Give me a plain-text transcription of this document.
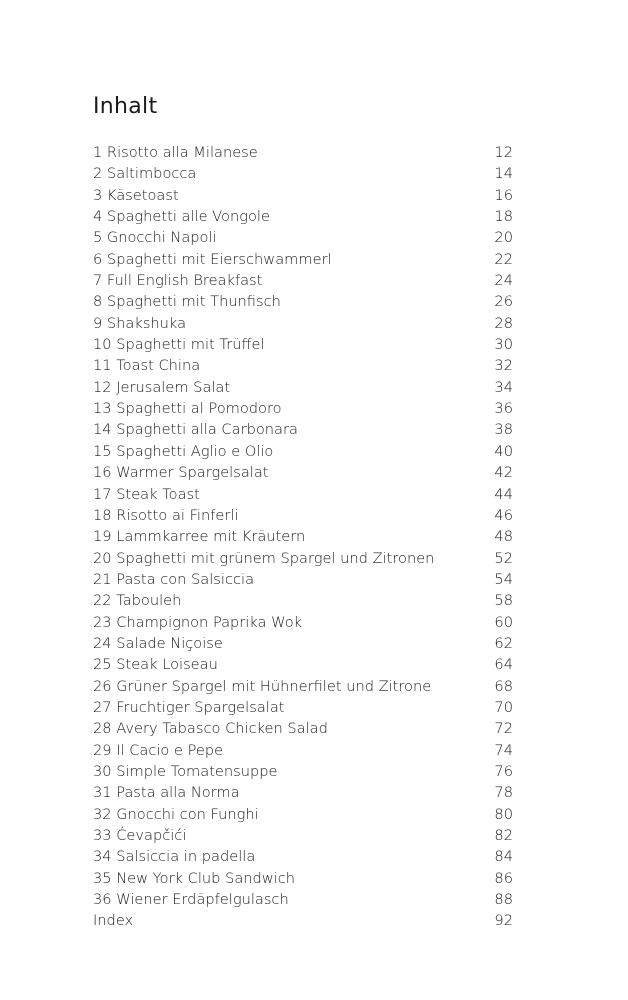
Inhalt
1 Risotto alla Milanese	12
2 Saltimbocca	14
3 Käsetoast	16
4 Spaghetti alle Vongole	18
5 Gnocchi Napoli	20
6 Spaghetti mit Eierschwammerl	22
7 Full English Breakfast	24
8 Spaghetti mit Thunfisch	26
9 Shakshuka	28
10 Spaghetti mit Trüffel	30
11 Toast China	32
12 Jerusalem Salat	34
13 Spaghetti al Pomodoro	36
14 Spaghetti alla Carbonara	38
15 Spaghetti Aglio e Olio	40
16 Warmer Spargelsalat	42
17 Steak Toast	44
18 Risotto ai Finferli	46
19 Lammkarree mit Kräutern	48
20 Spaghetti mit grünem Spargel und Zitronen	52
21 Pasta con Salsiccia	54
22 Tabouleh	58
23 Champignon Paprika Wok	60
24 Salade Niçoise	62
25 Steak Loiseau	64
26 Grüner Spargel mit Hühnerfilet und Zitrone	68
27 Fruchtiger Spargelsalat	70
28 Avery Tabasco Chicken Salad	72
29 Il Cacio e Pepe	74
30 Simple Tomatensuppe	76
31 Pasta alla Norma	78
32 Gnocchi con Funghi	80
33 Ćevapčići	82
34 Salsiccia in padella	84
35 New York Club Sandwich	86
36 Wiener Erdäpfelgulasch	88
Index	92
